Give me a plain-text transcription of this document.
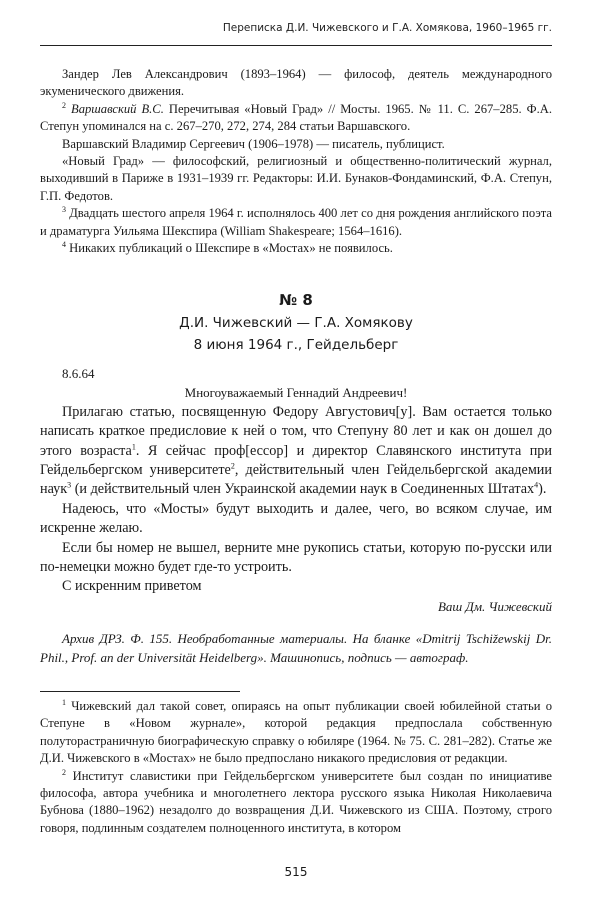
Переписка Д.И. Чижевского и Г.А. Хомякова, 1960–1965 гг.

Зандер Лев Александрович (1893–1964) — философ, деятель международного экуменического движения.

$^2$ Варшавский В.С. Перечитывая «Новый Град» // Мосты. 1965. № 11. С. 267–285. Ф.А. Степун упоминался на с. 267–270, 272, 274, 284 статьи Варшавского.

Варшавский Владимир Сергеевич (1906–1978) — писатель, публицист.

«Новый Град» — философский, религиозный и общественно-политический журнал, выходивший в Париже в 1931–1939 гг. Редакторы: И.И. Бунаков-Фондаминский, Ф.А. Степун, Г.П. Федотов.

$^3$ Двадцать шестого апреля 1964 г. исполнялось 400 лет со дня рождения английского поэта и драматурга Уильяма Шекспира (William Shakespeare; 1564–1616).

$^4$ Никаких публикаций о Шекспире в «Мостах» не появилось.

№ 8
Д.И. Чижевский — Г.А. Хомякову
8 июня 1964 г., Гейдельберг

8.6.64

Многоуважаемый Геннадий Андреевич!

Прилагаю статью, посвященную Федору Августович[у]. Вам остается только написать краткое предисловие к ней о том, что Степуну 80 лет и как он дошел до этого возраста$^1$. Я сейчас проф[ессор] и директор Славянского института при Гейдельбергском университете$^2$, действительный член Гейдельбергской академии наук$^3$ (и действительный член Украинской академии наук в Соединенных Штатах$^4$).

Надеюсь, что «Мосты» будут выходить и далее, чего, во всяком случае, им искренне желаю.

Если бы номер не вышел, верните мне рукопись статьи, которую по-русски или по-немецки можно будет где-то устроить.

С искренним приветом

Ваш Дм. Чижевский

Архив ДРЗ. Ф. 155. Необработанные материалы. На бланке «Dmitrij Tschižewskij Dr. Phil., Prof. an der Universität Heidelberg». Машинопись, подпись — автограф.

$^1$ Чижевский дал такой совет, опираясь на опыт публикации своей юбилейной статьи о Степуне в «Новом журнале», которой редакция предпослала собственную полуторастраничную биографическую справку о юбиляре (1964. № 75. С. 281–282). Статье же Д.И. Чижевского в «Мостах» не было предпослано никакого предисловия от редакции.

$^2$ Институт славистики при Гейдельбергском университете был создан по инициативе философа, автора учебника и многолетнего лектора русского языка Николая Николаевича Бубнова (1880–1962) незадолго до возвращения Д.И. Чижевского из США. Поэтому, строго говоря, подлинным создателем полноценного института, в котором

515
